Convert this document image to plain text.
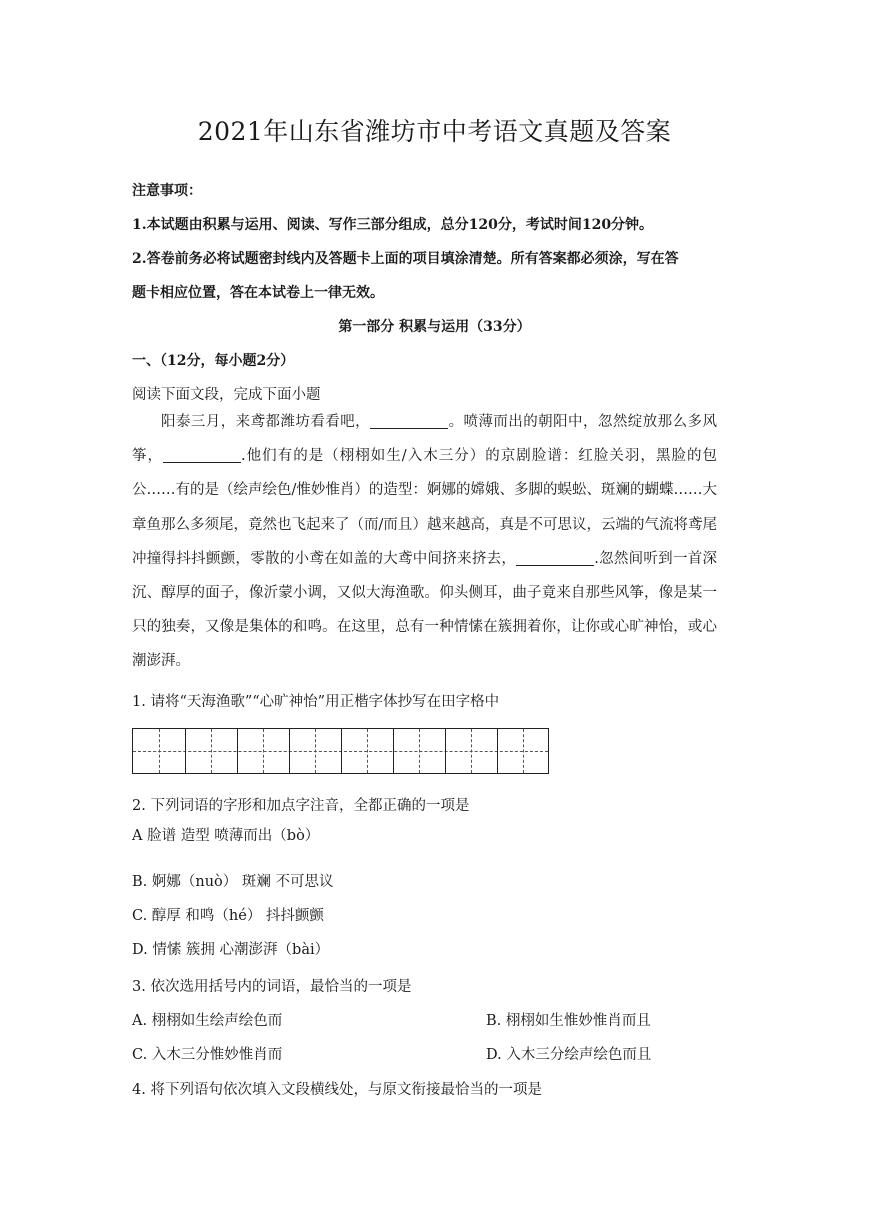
2021年山东省潍坊市中考语文真题及答案
注意事项：
1.本试题由积累与运用、阅读、写作三部分组成，总分120分，考试时间120分钟。
2.答卷前务必将试题密封线内及答题卡上面的项目填涂清楚。所有答案都必须涂，写在答
题卡相应位置，答在本试卷上一律无效。
第一部分 积累与运用（33分）
一、（12分，每小题2分）
阅读下面文段，完成下面小题

阳泰三月，来鸢都潍坊看看吧，	。喷薄而出的朝阳中，忽然绽放那么多风筝，	.他们有的是（栩栩如生/入木三分）的京剧脸谱：红脸关羽，黑脸的包公……有的是（绘声绘色/惟妙惟肖）的造型：婀娜的嫦娥、多脚的蜈蚣、斑斓的蝴蝶……大章鱼那么多须尾，竟然也飞起来了（而/而且）越来越高，真是不可思议，云端的气流将鸢尾冲撞得抖抖颤颤，零散的小鸢在如盖的大鸢中间挤来挤去，	.忽然间听到一首深沉、醇厚的面子，像沂蒙小调，又似大海渔歌。仰头侧耳，曲子竟来自那些风筝，像是某一只的独奏，又像是集体的和鸣。在这里，总有一种情愫在簇拥着你，让你或心旷神怡，或心潮澎湃。

1. 请将“天海渔歌”“心旷神怡”用正楷字体抄写在田字格中
2. 下列词语的字形和加点字注音，全都正确的一项是
A 脸谱 造型 喷薄而出（bò）
B. 婀娜（nuò） 斑斓 不可思议
C. 醇厚 和鸣（hé） 抖抖颤颤
D. 情愫 簇拥 心潮澎湃（bài）
3. 依次选用括号内的词语，最恰当的一项是
A. 栩栩如生绘声绘色而	B. 栩栩如生惟妙惟肖而且
C. 入木三分惟妙惟肖而	D. 入木三分绘声绘色而且
4. 将下列语句依次填入文段横线处，与原文衔接最恰当的一项是
